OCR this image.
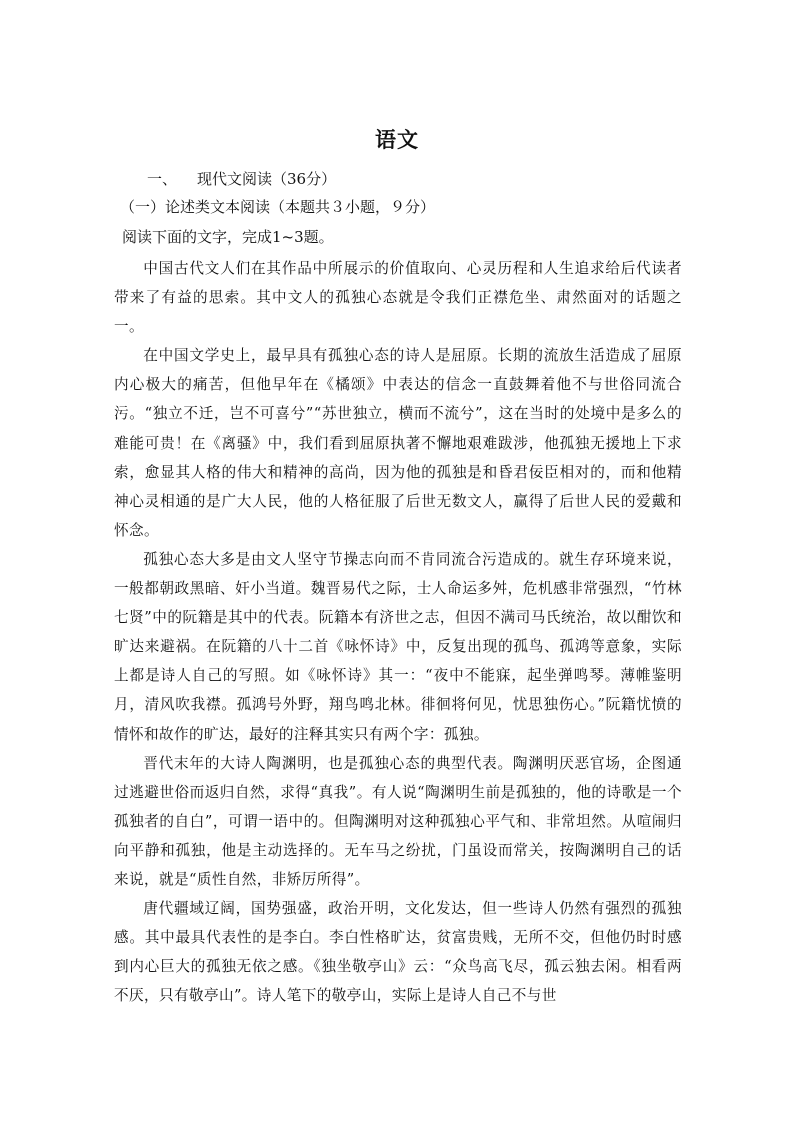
语文
一、 现代文阅读（36分）
（一）论述类文本阅读（本题共３小题，９分）
阅读下面的文字，完成1~3题。

中国古代文人们在其作品中所展示的价值取向、心灵历程和人生追求给后代读者带来了有益的思索。其中文人的孤独心态就是令我们正襟危坐、肃然面对的话题之一。

在中国文学史上，最早具有孤独心态的诗人是屈原。长期的流放生活造成了屈原内心极大的痛苦，但他早年在《橘颂》中表达的信念一直鼓舞着他不与世俗同流合污。“独立不迁，岂不可喜兮”“苏世独立，横而不流兮”，这在当时的处境中是多么的难能可贵！在《离骚》中，我们看到屈原执著不懈地艰难跋涉，他孤独无援地上下求索，愈显其人格的伟大和精神的高尚，因为他的孤独是和昏君佞臣相对的，而和他精神心灵相通的是广大人民，他的人格征服了后世无数文人，赢得了后世人民的爱戴和怀念。

孤独心态大多是由文人坚守节操志向而不肯同流合污造成的。就生存环境来说，一般都朝政黑暗、奸小当道。魏晋易代之际，士人命运多舛，危机感非常强烈，“竹林七贤”中的阮籍是其中的代表。阮籍本有济世之志，但因不满司马氏统治，故以酣饮和旷达来避祸。在阮籍的八十二首《咏怀诗》中，反复出现的孤鸟、孤鸿等意象，实际上都是诗人自己的写照。如《咏怀诗》其一：“夜中不能寐，起坐弹鸣琴。薄帷鉴明月，清风吹我襟。孤鸿号外野，翔鸟鸣北林。徘徊将何见，忧思独伤心。”阮籍忧愤的情怀和故作的旷达，最好的注释其实只有两个字：孤独。

晋代末年的大诗人陶渊明，也是孤独心态的典型代表。陶渊明厌恶官场，企图通过逃避世俗而返归自然，求得“真我”。有人说“陶渊明生前是孤独的，他的诗歌是一个孤独者的自白”，可谓一语中的。但陶渊明对这种孤独心平气和、非常坦然。从喧闹归向平静和孤独，他是主动选择的。无车马之纷扰，门虽设而常关，按陶渊明自己的话来说，就是“质性自然，非矫厉所得”。

唐代疆域辽阔，国势强盛，政治开明，文化发达，但一些诗人仍然有强烈的孤独感。其中最具代表性的是李白。李白性格旷达，贫富贵贱，无所不交，但他仍时时感到内心巨大的孤独无依之感。《独坐敬亭山》云：“众鸟高飞尽，孤云独去闲。相看两不厌，只有敬亭山”。诗人笔下的敬亭山，实际上是诗人自己不与世
